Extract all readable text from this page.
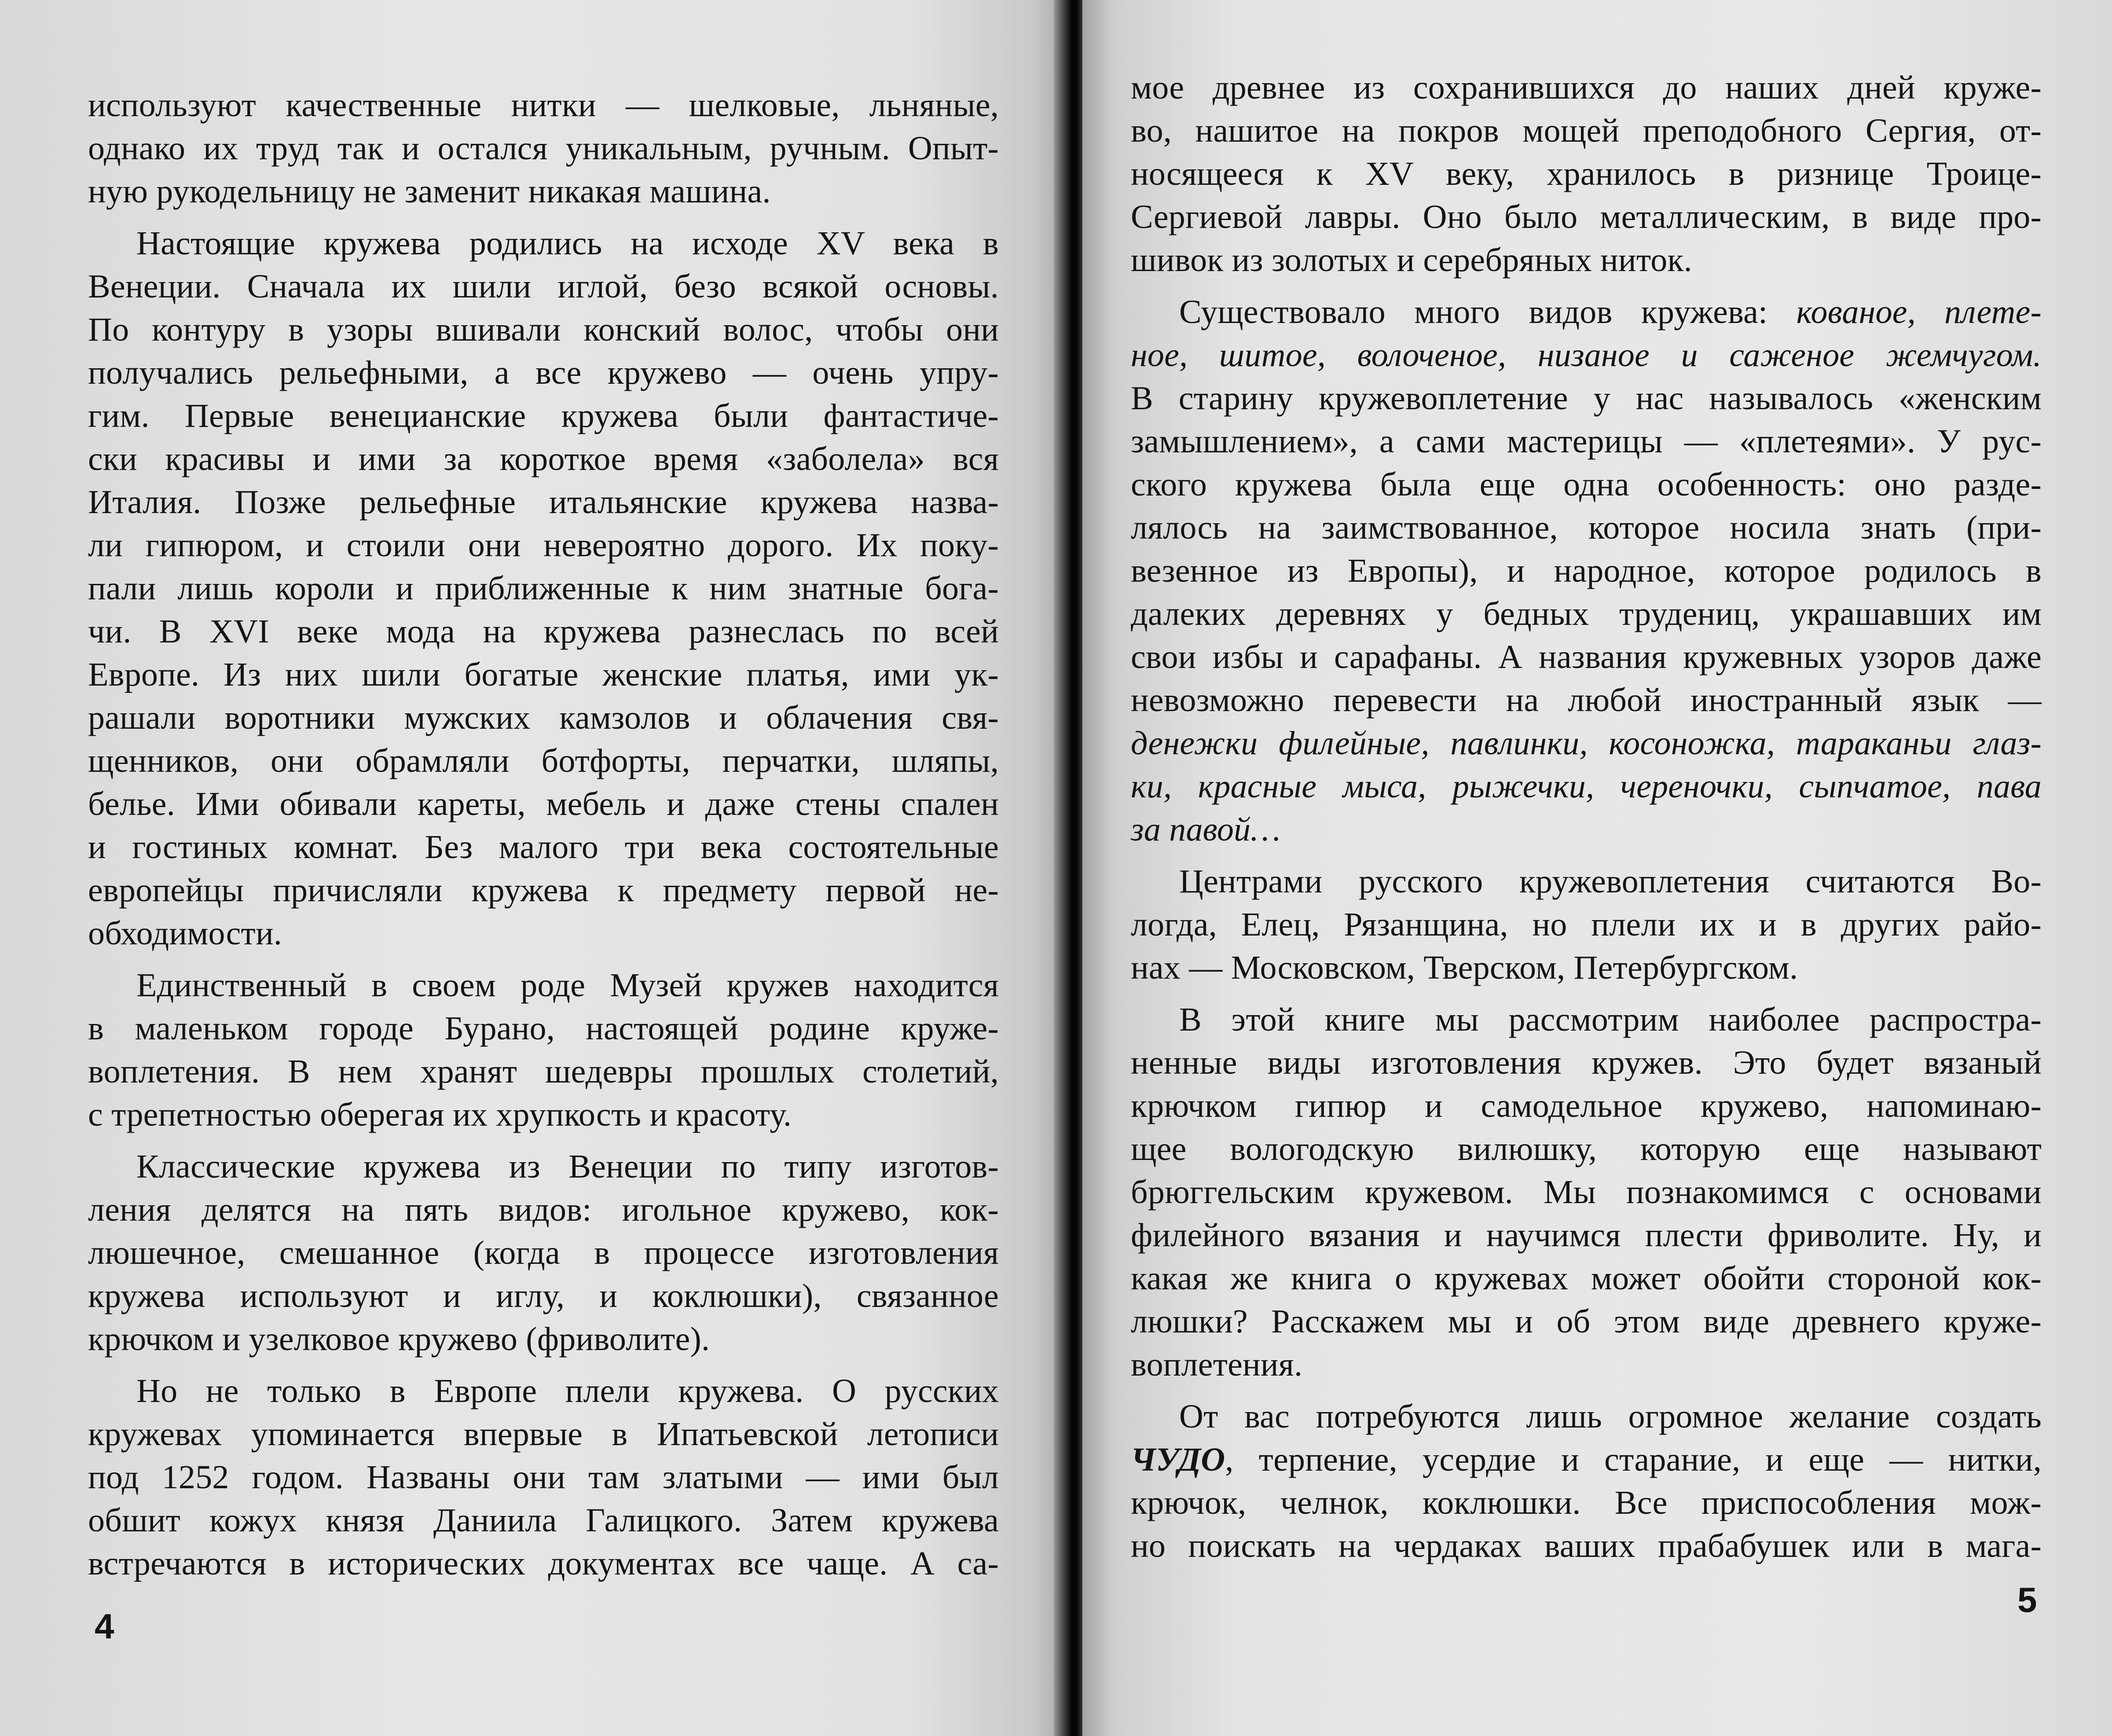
используют качественные нитки — шелковые, льняные,
однако их труд так и остался уникальным, ручным. Опыт-
ную рукодельницу не заменит никакая машина.
Настоящие кружева родились на исходе XV века в
Венеции. Сначала их шили иглой, безо всякой основы.
По контуру в узоры вшивали конский волос, чтобы они
получались рельефными, а все кружево — очень упру-
гим. Первые венецианские кружева были фантастиче-
ски красивы и ими за короткое время «заболела» вся
Италия. Позже рельефные итальянские кружева назва-
ли гипюром, и стоили они невероятно дорого. Их поку-
пали лишь короли и приближенные к ним знатные бога-
чи. В XVI веке мода на кружева разнеслась по всей
Европе. Из них шили богатые женские платья, ими ук-
рашали воротники мужских камзолов и облачения свя-
щенников, они обрамляли ботфорты, перчатки, шляпы,
белье. Ими обивали кареты, мебель и даже стены спален
и гостиных комнат. Без малого три века состоятельные
европейцы причисляли кружева к предмету первой не-
обходимости.
Единственный в своем роде Музей кружев находится
в маленьком городе Бурано, настоящей родине круже-
воплетения. В нем хранят шедевры прошлых столетий,
с трепетностью оберегая их хрупкость и красоту.
Классические кружева из Венеции по типу изготов-
ления делятся на пять видов: игольное кружево, кок-
люшечное, смешанное (когда в процессе изготовления
кружева используют и иглу, и коклюшки), связанное
крючком и узелковое кружево (фриволите).
Но не только в Европе плели кружева. О русских
кружевах упоминается впервые в Ипатьевской летописи
под 1252 годом. Названы они там златыми — ими был
обшит кожух князя Даниила Галицкого. Затем кружева
встречаются в исторических документах все чаще. А са-
4
мое древнее из сохранившихся до наших дней круже-
во, нашитое на покров мощей преподобного Сергия, от-
носящееся к XV веку, хранилось в ризнице Троице-
Сергиевой лавры. Оно было металлическим, в виде про-
шивок из золотых и серебряных ниток.
Существовало много видов кружева: кованое, плете-
ное, шитое, волоченое, низаное и саженое жемчугом.
В старину кружевоплетение у нас называлось «женским
замышлением», а сами мастерицы — «плетеями». У рус-
ского кружева была еще одна особенность: оно разде-
лялось на заимствованное, которое носила знать (при-
везенное из Европы), и народное, которое родилось в
далеких деревнях у бедных трудениц, украшавших им
свои избы и сарафаны. А названия кружевных узоров даже
невозможно перевести на любой иностранный язык —
денежки филейные, павлинки, косоножка, тараканьи глаз-
ки, красные мыса, рыжечки, череночки, сыпчатое, пава
за павой…
Центрами русского кружевоплетения считаются Во-
логда, Елец, Рязанщина, но плели их и в других райо-
нах — Московском, Тверском, Петербургском.
В этой книге мы рассмотрим наиболее распростра-
ненные виды изготовления кружев. Это будет вязаный
крючком гипюр и самодельное кружево, напоминаю-
щее вологодскую вилюшку, которую еще называют
брюггельским кружевом. Мы познакомимся с основами
филейного вязания и научимся плести фриволите. Ну, и
какая же книга о кружевах может обойти стороной кок-
люшки? Расскажем мы и об этом виде древнего круже-
воплетения.
От вас потребуются лишь огромное желание создать
ЧУДО, терпение, усердие и старание, и еще — нитки,
крючок, челнок, коклюшки. Все приспособления мож-
но поискать на чердаках ваших прабабушек или в мага-
5
